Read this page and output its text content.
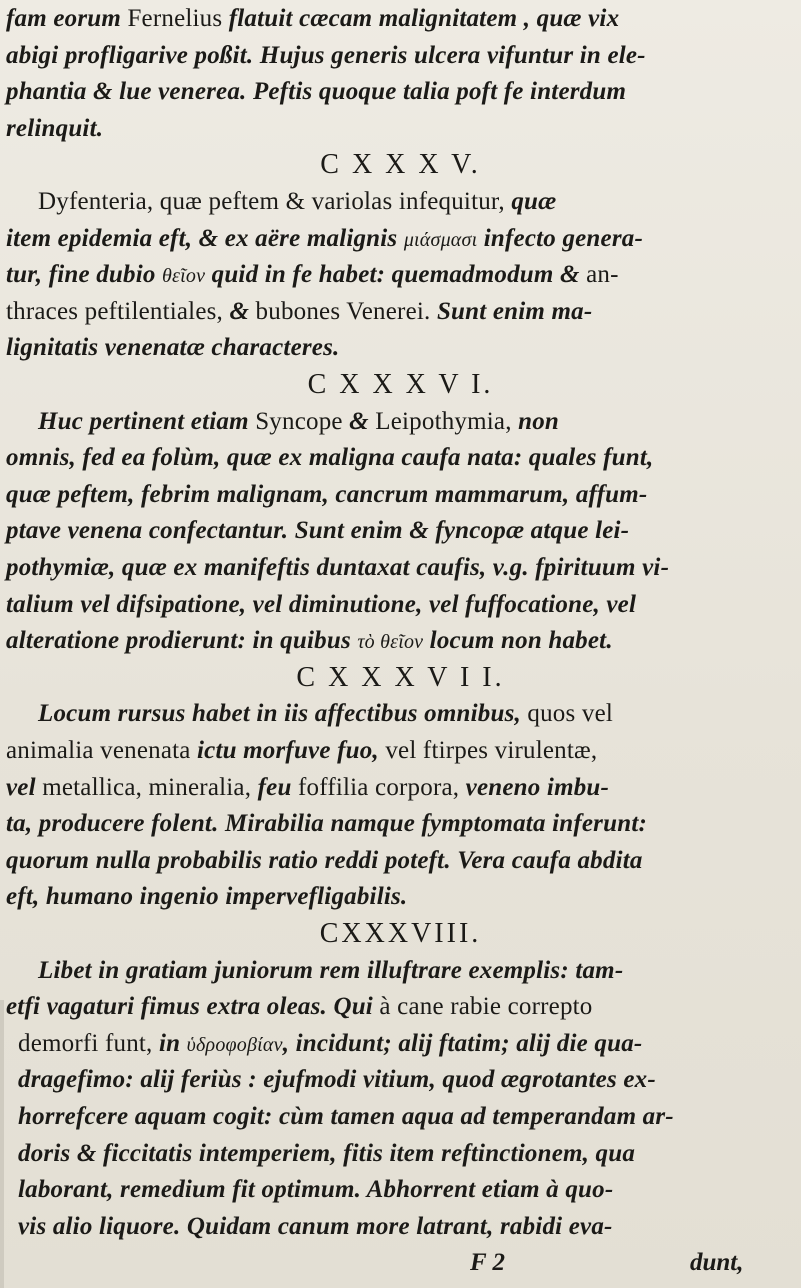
fam eorum Fernelius flatuit cæcam malignitatem , quæ vix
abigi profligarive poßit. Hujus generis ulcera vifuntur in ele-
phantia & lue venerea. Peftis quoque talia poft fe interdum
relinquit.
C X X X V.
Dyfenteria, quæ peftem & variolas infequitur, quæ
item epidemia eft, & ex aëre malignis μιάσμασι infecto genera-
tur, fine dubio θεῖον quid in fe habet: quemadmodum & an-
thraces peftilentiales, & bubones Venerei. Sunt enim ma-
lignitatis venenatæ characteres.
C X X X V I.
Huc pertinent etiam Syncope & Leipothymia, non
omnis, fed ea folùm, quæ ex maligna caufa nata: quales funt,
quæ peftem, febrim malignam, cancrum mammarum, affum-
ptave venena confectantur. Sunt enim & fyncopæ atque lei-
pothymiæ, quæ ex manifeftis duntaxat caufis, v.g. fpirituum vi-
talium vel difsipatione, vel diminutione, vel fuffocatione, vel
alteratione prodierunt: in quibus τὸ θεῖον locum non habet.
C X X X V I I.
Locum rursus habet in iis affectibus omnibus, quos vel
animalia venenata ictu morfuve fuo, vel ftirpes virulentæ,
vel metallica, mineralia, feu foffilia corpora, veneno imbu-
ta, producere folent. Mirabilia namque fymptomata inferunt:
quorum nulla probabilis ratio reddi poteft. Vera caufa abdita
eft, humano ingenio impervefligabilis.
CXXXVIII.
Libet in gratiam juniorum rem illuftrare exemplis: tam-
etfi vagaturi fimus extra oleas. Qui à cane rabie correpto
demorfi funt, in ὑδροφοβίαν, incidunt; alij ftatim; alij die qua-
dragefimo: alij feriùs : ejufmodi vitium, quod ægrotantes ex-
horrefcere aquam cogit: cùm tamen aqua ad temperandam ar-
doris & ficcitatis intemperiem, fitis item reftinctionem, qua
laborant, remedium fit optimum. Abhorrent etiam à quo-
vis alio liquore. Quidam canum more latrant, rabidi eva-
F 2	dunt,
